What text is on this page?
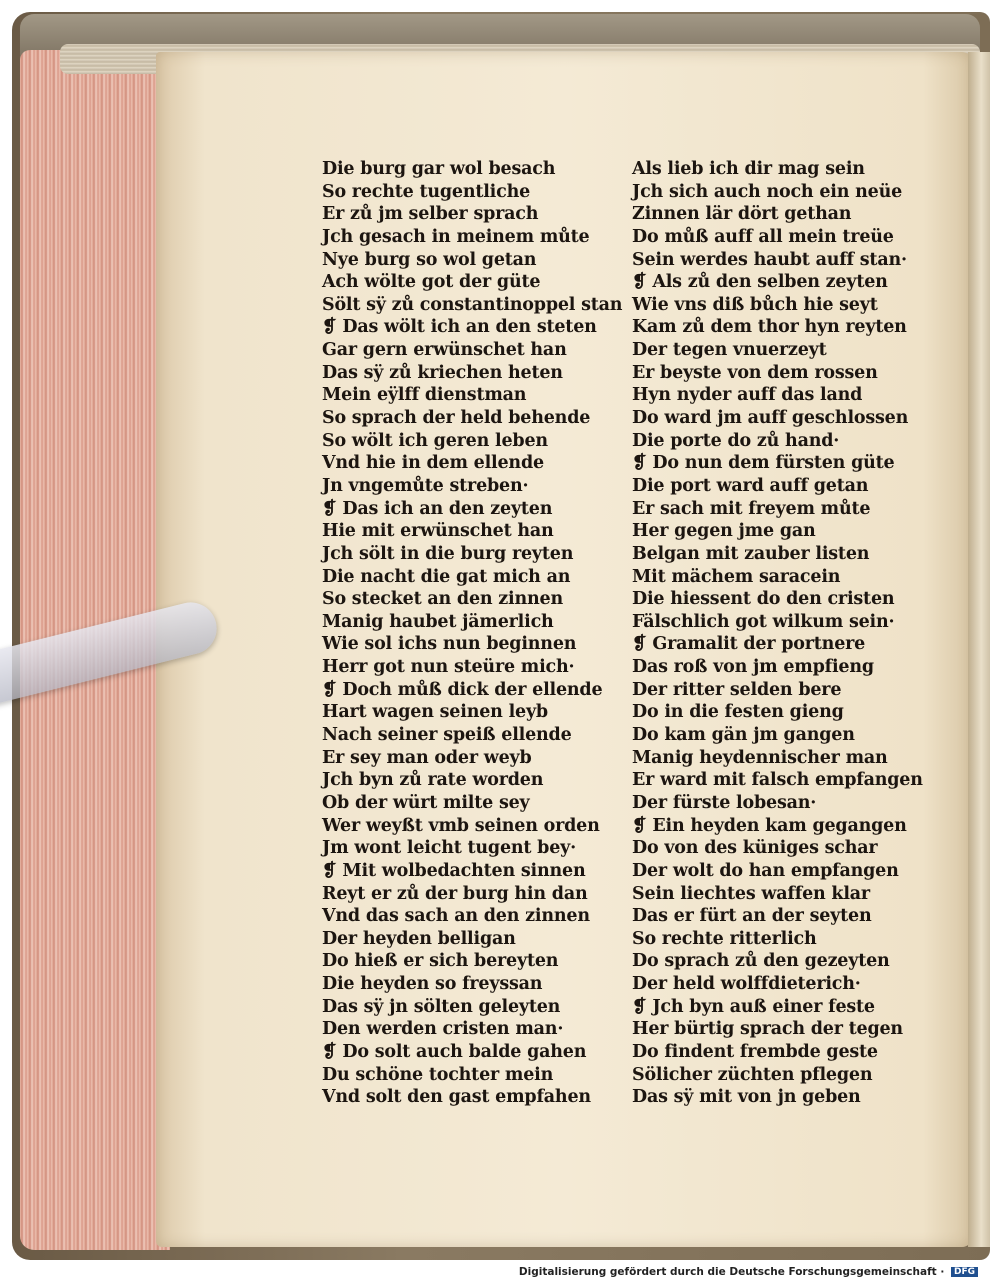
Die burg gar wol besach
So rechte tugentliche
Er zů jm selber sprach
Jch gesach in meinem můte
Nye burg so wol getan
Ach wölte got der güte
Sölt sÿ zů constantinoppel stan
❡ Das wölt ich an den steten
Gar gern erwünschet han
Das sÿ zů kriechen heten
Mein eÿlff dienstman
So sprach der held behende
So wölt ich geren leben
Vnd hie in dem ellende
Jn vngemůte streben·
❡ Das ich an den zeyten
Hie mit erwünschet han
Jch sölt in die burg reyten
Die nacht die gat mich an
So stecket an den zinnen
Manig haubet jämerlich
Wie sol ichs nun beginnen
Herr got nun steüre mich·
❡ Doch můß dick der ellende
Hart wagen seinen leyb
Nach seiner speiß ellende
Er sey man oder weyb
Jch byn zů rate worden
Ob der würt milte sey
Wer weyßt vmb seinen orden
Jm wont leicht tugent bey·
❡ Mit wolbedachten sinnen
Reyt er zů der burg hin dan
Vnd das sach an den zinnen
Der heyden belligan
Do hieß er sich bereyten
Die heyden so freyssan
Das sÿ jn sölten geleyten
Den werden cristen man·
❡ Do solt auch balde gahen
Du schöne tochter mein
Vnd solt den gast empfahen
Als lieb ich dir mag sein
Jch sich auch noch ein neüe
Zinnen lär dört gethan
Do můß auff all mein treüe
Sein werdes haubt auff stan·
❡ Als zů den selben zeyten
Wie vns diß bůch hie seyt
Kam zů dem thor hyn reyten
Der tegen vnuerzeyt
Er beyste von dem rossen
Hyn nyder auff das land
Do ward jm auff geschlossen
Die porte do zů hand·
❡ Do nun dem fürsten güte
Die port ward auff getan
Er sach mit freyem můte
Her gegen jme gan
Belgan mit zauber listen
Mit mächem saracein
Die hiessent do den cristen
Fälschlich got wilkum sein·
❡ Gramalit der portnere
Das roß von jm empfieng
Der ritter selden bere
Do in die festen gieng
Do kam gän jm gangen
Manig heydennischer man
Er ward mit falsch empfangen
Der fürste lobesan·
❡ Ein heyden kam gegangen
Do von des küniges schar
Der wolt do han empfangen
Sein liechtes waffen klar
Das er fürt an der seyten
So rechte ritterlich
Do sprach zů den gezeyten
Der held wolffdieterich·
❡ Jch byn auß einer feste
Her bürtig sprach der tegen
Do findent frembde geste
Sölicher züchten pflegen
Das sÿ mit von jn geben
Digitalisierung gefördert durch die Deutsche Forschungsgemeinschaft · DFG
